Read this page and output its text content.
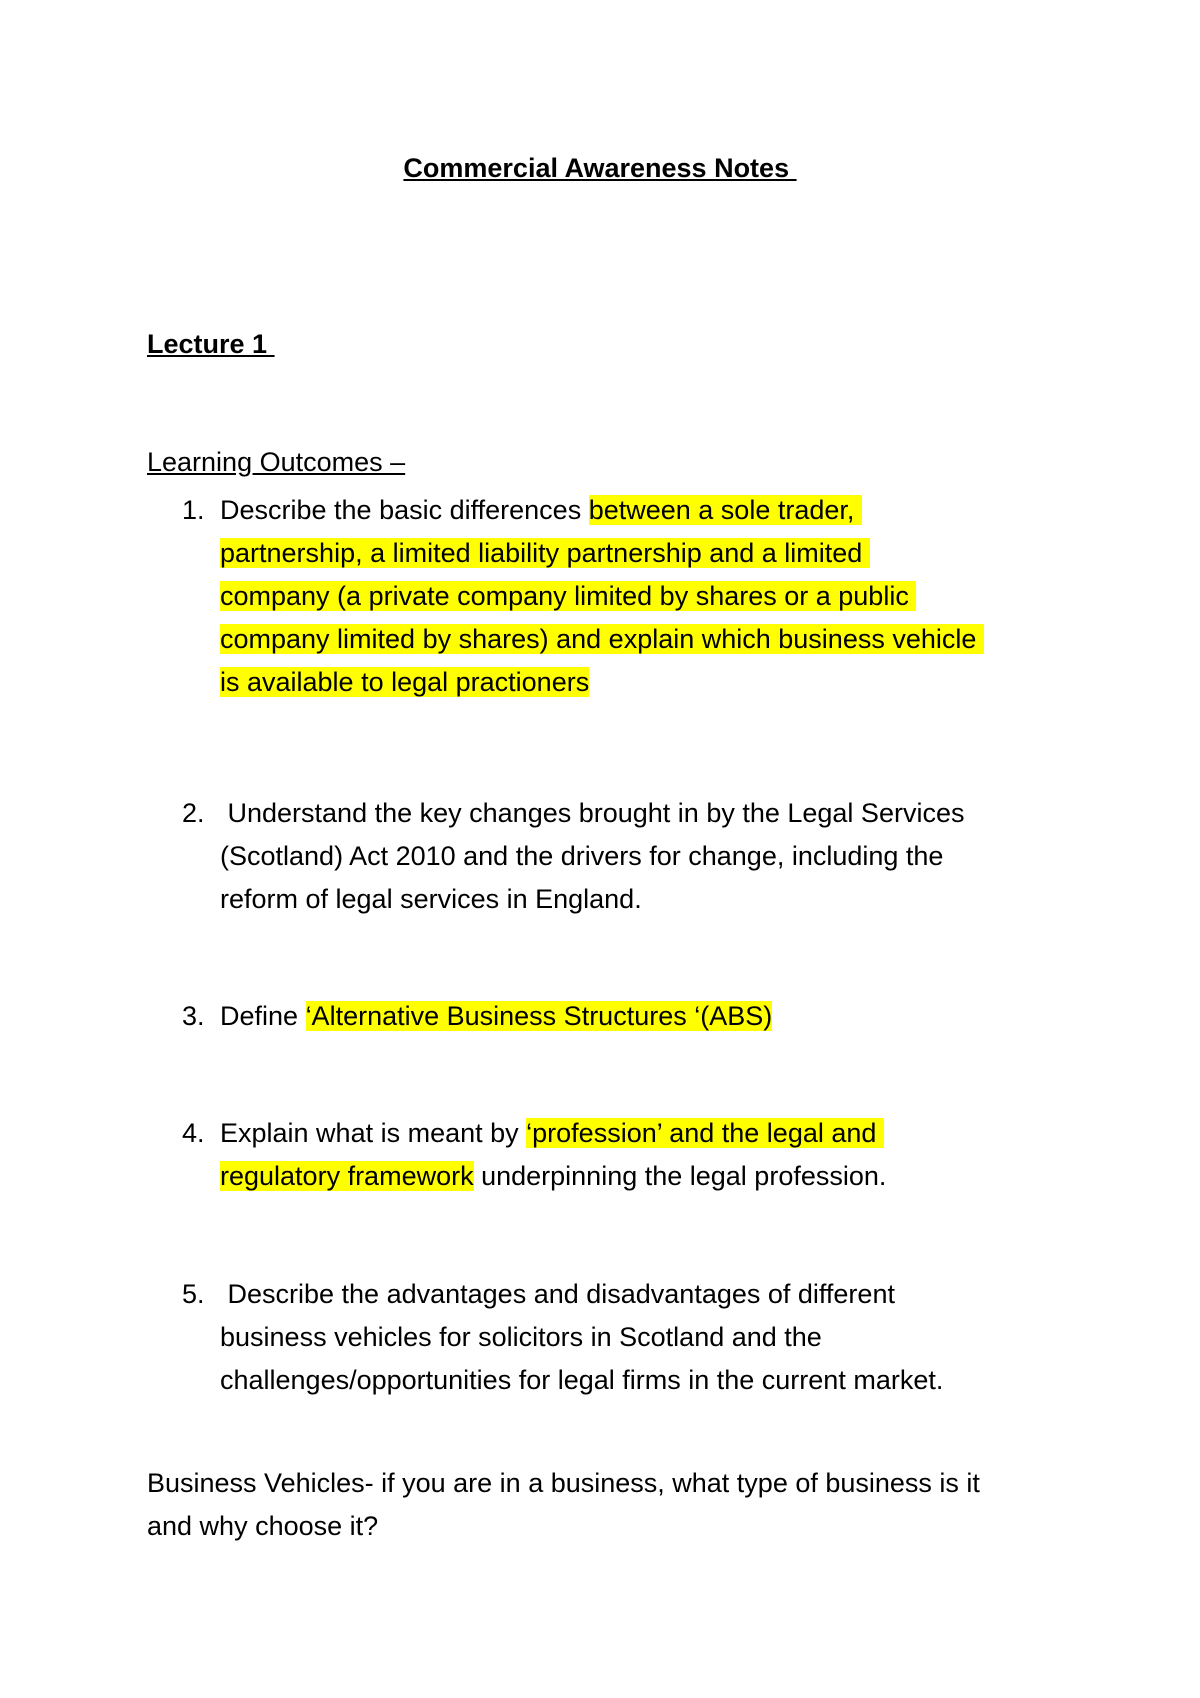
Commercial Awareness Notes
Lecture 1
Learning Outcomes –
1. Describe the basic differences between a sole trader,
partnership, a limited liability partnership and a limited
company (a private company limited by shares or a public
company limited by shares) and explain which business vehicle
is available to legal practioners
2. Understand the key changes brought in by the Legal Services
(Scotland) Act 2010 and the drivers for change, including the
reform of legal services in England.
3. Define ‘Alternative Business Structures ‘(ABS)
4. Explain what is meant by ‘profession’ and the legal and
regulatory framework underpinning the legal profession.
5. Describe the advantages and disadvantages of different
business vehicles for solicitors in Scotland and the
challenges/opportunities for legal firms in the current market.
Business Vehicles- if you are in a business, what type of business is it
and why choose it?
